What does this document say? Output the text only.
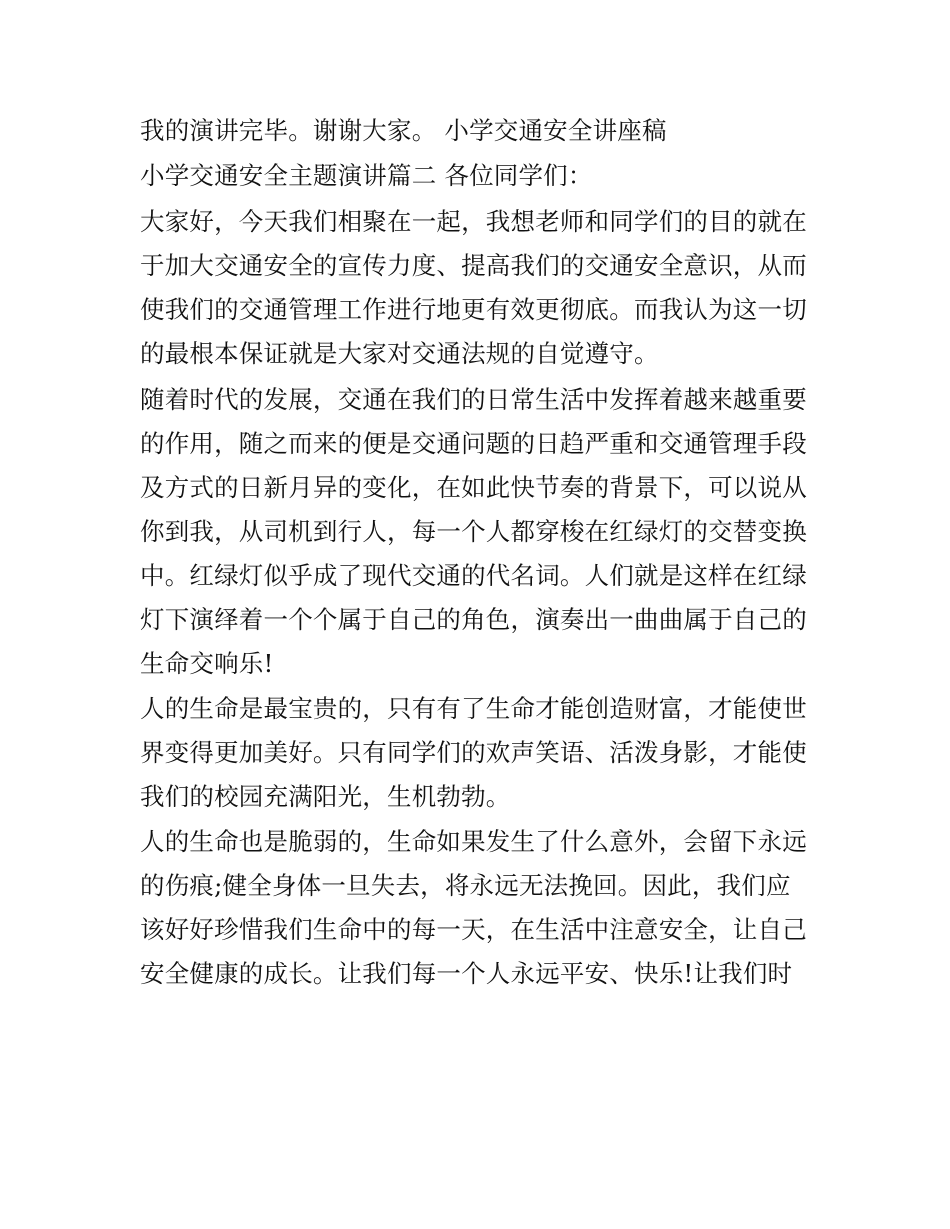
我的演讲完毕。谢谢大家。 小学交通安全讲座稿

小学交通安全主题演讲篇二 各位同学们：

大家好，今天我们相聚在一起，我想老师和同学们的目的就在

于加大交通安全的宣传力度、提高我们的交通安全意识，从而

使我们的交通管理工作进行地更有效更彻底。而我认为这一切

的最根本保证就是大家对交通法规的自觉遵守。

随着时代的发展，交通在我们的日常生活中发挥着越来越重要

的作用，随之而来的便是交通问题的日趋严重和交通管理手段

及方式的日新月异的变化，在如此快节奏的背景下，可以说从

你到我，从司机到行人，每一个人都穿梭在红绿灯的交替变换

中。红绿灯似乎成了现代交通的代名词。人们就是这样在红绿

灯下演绎着一个个属于自己的角色，演奏出一曲曲属于自己的

生命交响乐!

人的生命是最宝贵的，只有有了生命才能创造财富，才能使世

界变得更加美好。只有同学们的欢声笑语、活泼身影，才能使

我们的校园充满阳光，生机勃勃。

人的生命也是脆弱的，生命如果发生了什么意外，会留下永远

的伤痕;健全身体一旦失去，将永远无法挽回。因此，我们应

该好好珍惜我们生命中的每一天，在生活中注意安全，让自己

安全健康的成长。让我们每一个人永远平安、快乐!让我们时
